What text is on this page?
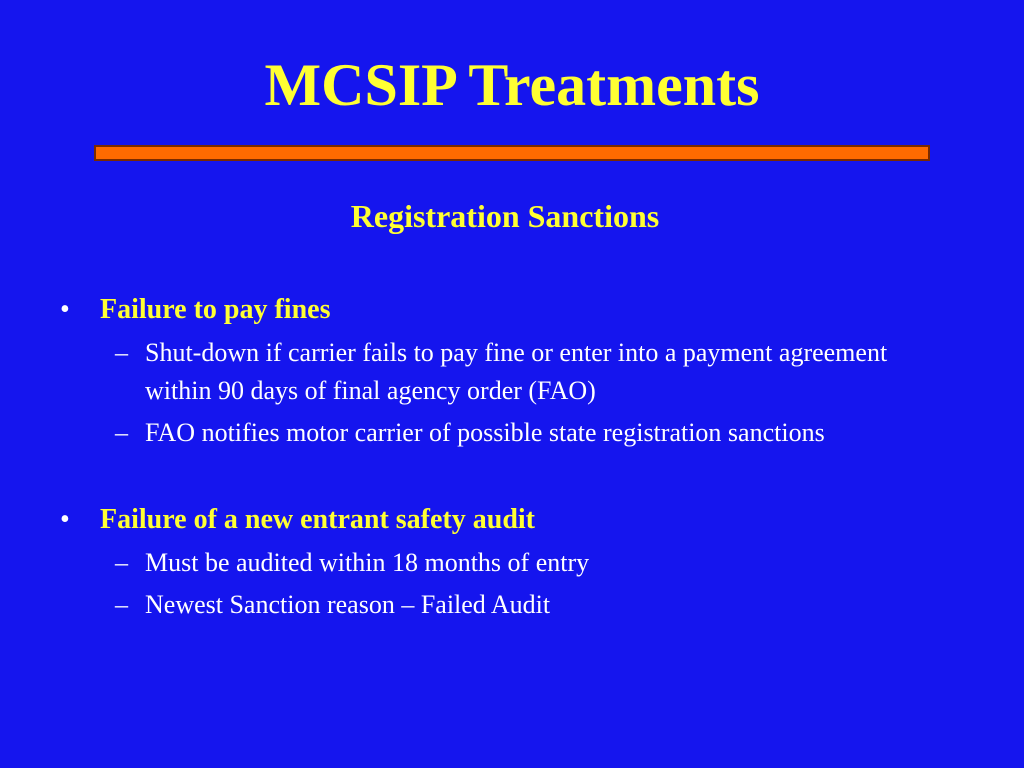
MCSIP Treatments
Registration Sanctions
• Failure to pay fines
– Shut-down if carrier fails to pay fine or enter into a payment agreement within 90 days of final agency order (FAO)
– FAO notifies motor carrier of possible state registration sanctions
• Failure of a new entrant safety audit
– Must be audited within 18 months of entry
– Newest Sanction reason – Failed Audit
